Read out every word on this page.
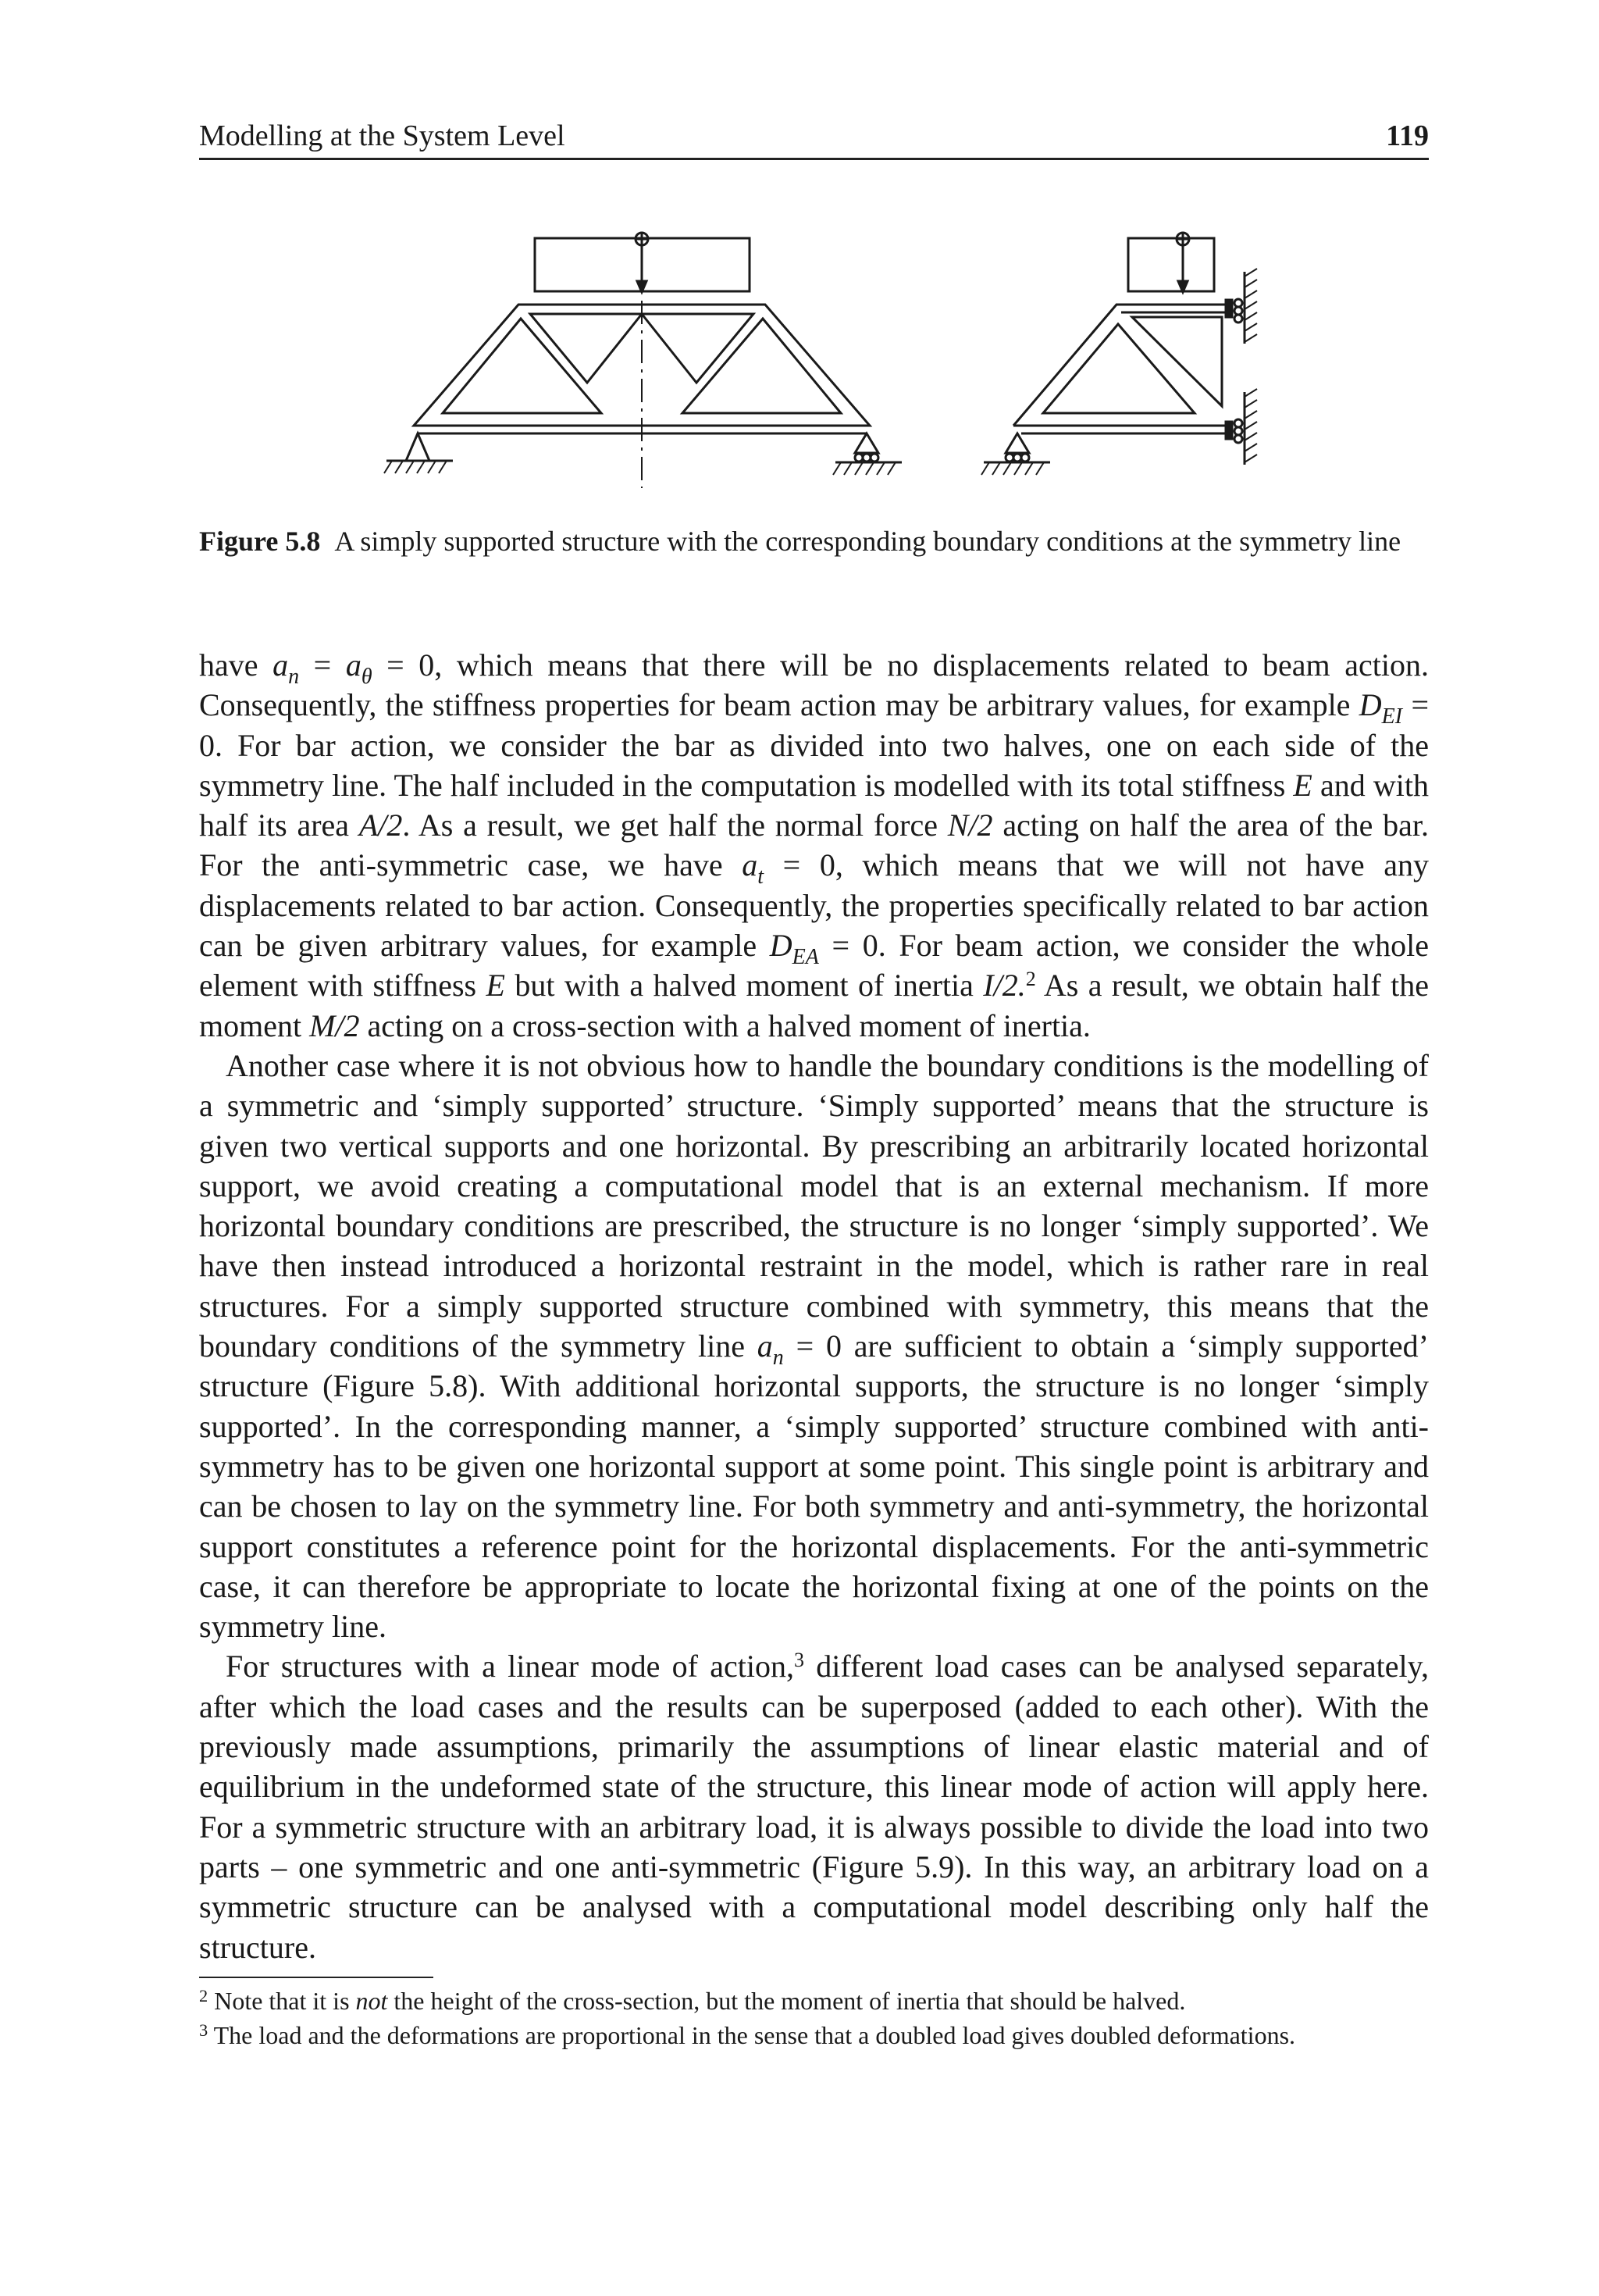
Modelling at the System Level	119
Figure 5.8 A simply supported structure with the corresponding boundary conditions at the symmetry line

have $a_n = a_\theta = 0$, which means that there will be no displacements related to beam action. Consequently, the stiffness properties for beam action may be arbitrary values, for example $D_{EI} = 0$. For bar action, we consider the bar as divided into two halves, one on each side of the symmetry line. The half included in the computation is modelled with its total stiffness E and with half its area A/2. As a result, we get half the normal force N/2 acting on half the area of the bar. For the anti-symmetric case, we have $a_t = 0$, which means that we will not have any displacements related to bar action. Consequently, the properties specifically related to bar action can be given arbitrary values, for example $D_{EA} = 0$. For beam action, we consider the whole element with stiffness E but with a halved moment of inertia I/2.$^2$ As a result, we obtain half the moment M/2 acting on a cross-section with a halved moment of inertia.

Another case where it is not obvious how to handle the boundary conditions is the modelling of a symmetric and ‘simply supported’ structure. ‘Simply supported’ means that the structure is given two vertical supports and one horizontal. By prescribing an arbitrarily located horizontal support, we avoid creating a computational model that is an external mechanism. If more horizontal boundary conditions are prescribed, the structure is no longer ‘simply supported’. We have then instead introduced a horizontal restraint in the model, which is rather rare in real structures. For a simply supported structure combined with symmetry, this means that the boundary conditions of the symmetry line $a_n = 0$ are sufficient to obtain a ‘simply supported’ structure (Figure 5.8). With additional horizontal supports, the structure is no longer ‘simply supported’. In the corresponding manner, a ‘simply supported’ structure combined with anti-symmetry has to be given one horizontal support at some point. This single point is arbitrary and can be chosen to lay on the symmetry line. For both symmetry and anti-symmetry, the horizontal support constitutes a reference point for the horizontal displacements. For the anti-symmetric case, it can therefore be appropriate to locate the horizontal fixing at one of the points on the symmetry line.

For structures with a linear mode of action,$^3$ different load cases can be analysed separately, after which the load cases and the results can be superposed (added to each other). With the previously made assumptions, primarily the assumptions of linear elastic material and of equilibrium in the undeformed state of the structure, this linear mode of action will apply here. For a symmetric structure with an arbitrary load, it is always possible to divide the load into two parts – one symmetric and one anti-symmetric (Figure 5.9). In this way, an arbitrary load on a symmetric structure can be analysed with a computational model describing only half the structure.

$^2$ Note that it is not the height of the cross-section, but the moment of inertia that should be halved.

$^3$ The load and the deformations are proportional in the sense that a doubled load gives doubled deformations.
